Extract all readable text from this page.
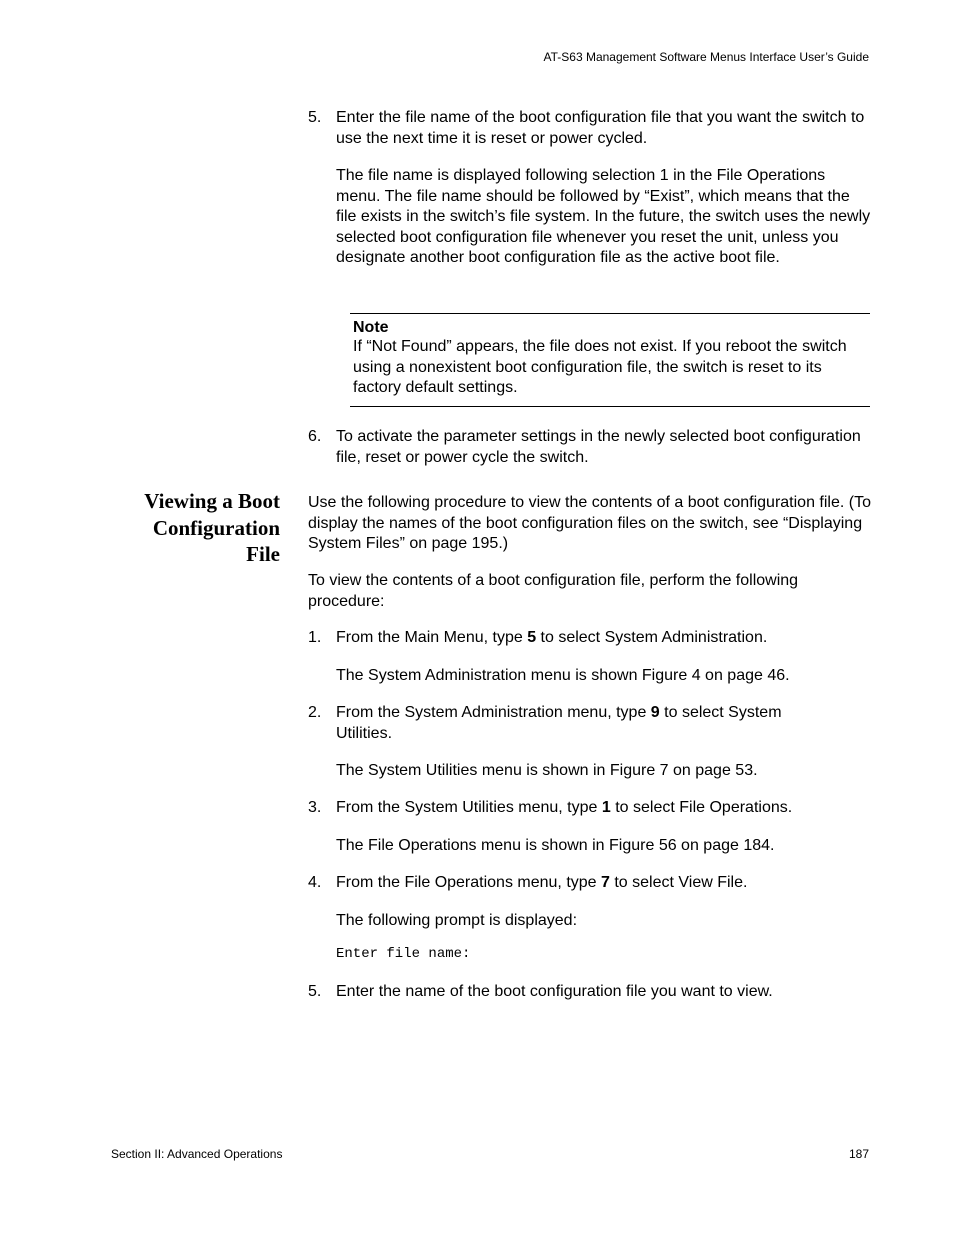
AT-S63 Management Software Menus Interface User’s Guide
5. Enter the file name of the boot configuration file that you want the switch to use the next time it is reset or power cycled.
The file name is displayed following selection 1 in the File Operations menu. The file name should be followed by “Exist”, which means that the file exists in the switch’s file system. In the future, the switch uses the newly selected boot configuration file whenever you reset the unit, unless you designate another boot configuration file as the active boot file.
Note
If “Not Found” appears, the file does not exist. If you reboot the switch using a nonexistent boot configuration file, the switch is reset to its factory default settings.
6. To activate the parameter settings in the newly selected boot configuration file, reset or power cycle the switch.
Viewing a Boot
Configuration
File
Use the following procedure to view the contents of a boot configuration file. (To display the names of the boot configuration files on the switch, see “Displaying System Files” on page 195.)
To view the contents of a boot configuration file, perform the following procedure:
1. From the Main Menu, type 5 to select System Administration.
The System Administration menu is shown Figure 4 on page 46.
2. From the System Administration menu, type 9 to select System Utilities.
The System Utilities menu is shown in Figure 7 on page 53.
3. From the System Utilities menu, type 1 to select File Operations.
The File Operations menu is shown in Figure 56 on page 184.
4. From the File Operations menu, type 7 to select View File.
The following prompt is displayed:
Enter file name:
5. Enter the name of the boot configuration file you want to view.
Section II: Advanced Operations	187
